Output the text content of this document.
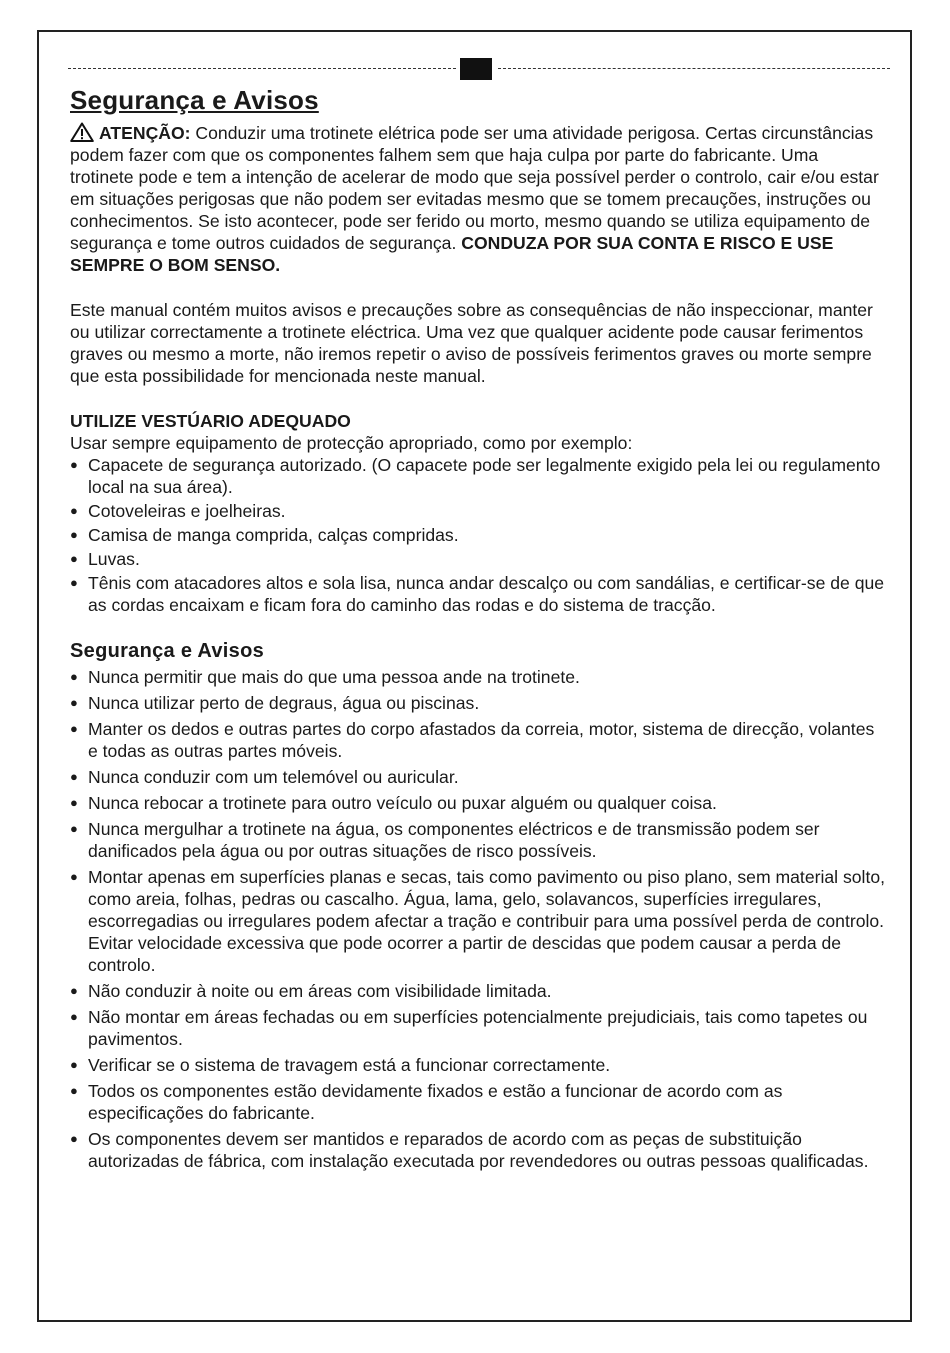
Segurança e Avisos

ATENÇÃO: Conduzir uma trotinete elétrica pode ser uma atividade perigosa. Certas circunstâncias podem fazer com que os componentes falhem sem que haja culpa por parte do fabricante. Uma trotinete pode e tem a intenção de acelerar de modo que seja possível perder o controlo, cair e/ou estar em situações perigosas que não podem ser evitadas mesmo que se tomem precauções, instruções ou conhecimentos. Se isto acontecer, pode ser ferido ou morto, mesmo quando se utiliza equipamento de segurança e tome outros cuidados de segurança. CONDUZA POR SUA CONTA E RISCO E USE SEMPRE O BOM SENSO.

Este manual contém muitos avisos e precauções sobre as consequências de não inspeccionar, manter ou utilizar correctamente a trotinete eléctrica. Uma vez que qualquer acidente pode causar ferimentos graves ou mesmo a morte, não iremos repetir o aviso de possíveis ferimentos graves ou morte sempre que esta possibilidade for mencionada neste manual.

UTILIZE VESTÚARIO ADEQUADO

Usar sempre equipamento de protecção apropriado, como por exemplo:

● Capacete de segurança autorizado. (O capacete pode ser legalmente exigido pela lei ou regulamento local na sua área).
● Cotoveleiras e joelheiras.
● Camisa de manga comprida, calças compridas.
● Luvas.
● Tênis com atacadores altos e sola lisa, nunca andar descalço ou com sandálias, e certificar-se de que as cordas encaixam e ficam fora do caminho das rodas e do sistema de tracção.
Segurança e Avisos
● Nunca permitir que mais do que uma pessoa ande na trotinete.
● Nunca utilizar perto de degraus, água ou piscinas.
● Manter os dedos e outras partes do corpo afastados da correia, motor, sistema de direcção, volantes e todas as outras partes móveis.
● Nunca conduzir com um telemóvel ou auricular.
● Nunca rebocar a trotinete para outro veículo ou puxar alguém ou qualquer coisa.
● Nunca mergulhar a trotinete na água, os componentes eléctricos e de transmissão podem ser danificados pela água ou por outras situações de risco possíveis.
● Montar apenas em superfícies planas e secas, tais como pavimento ou piso plano, sem material solto, como areia, folhas, pedras ou cascalho. Água, lama, gelo, solavancos, superfícies irregulares, escorregadias ou irregulares podem afectar a tração e contribuir para uma possível perda de controlo. Evitar velocidade excessiva que pode ocorrer a partir de descidas que podem causar a perda de controlo.
● Não conduzir à noite ou em áreas com visibilidade limitada.
● Não montar em áreas fechadas ou em superfícies potencialmente prejudiciais, tais como tapetes ou pavimentos.
● Verificar se o sistema de travagem está a funcionar correctamente.
● Todos os componentes estão devidamente fixados e estão a funcionar de acordo com as especificações do fabricante.
● Os componentes devem ser mantidos e reparados de acordo com as peças de substituição autorizadas de fábrica, com instalação executada por revendedores ou outras pessoas qualificadas.
